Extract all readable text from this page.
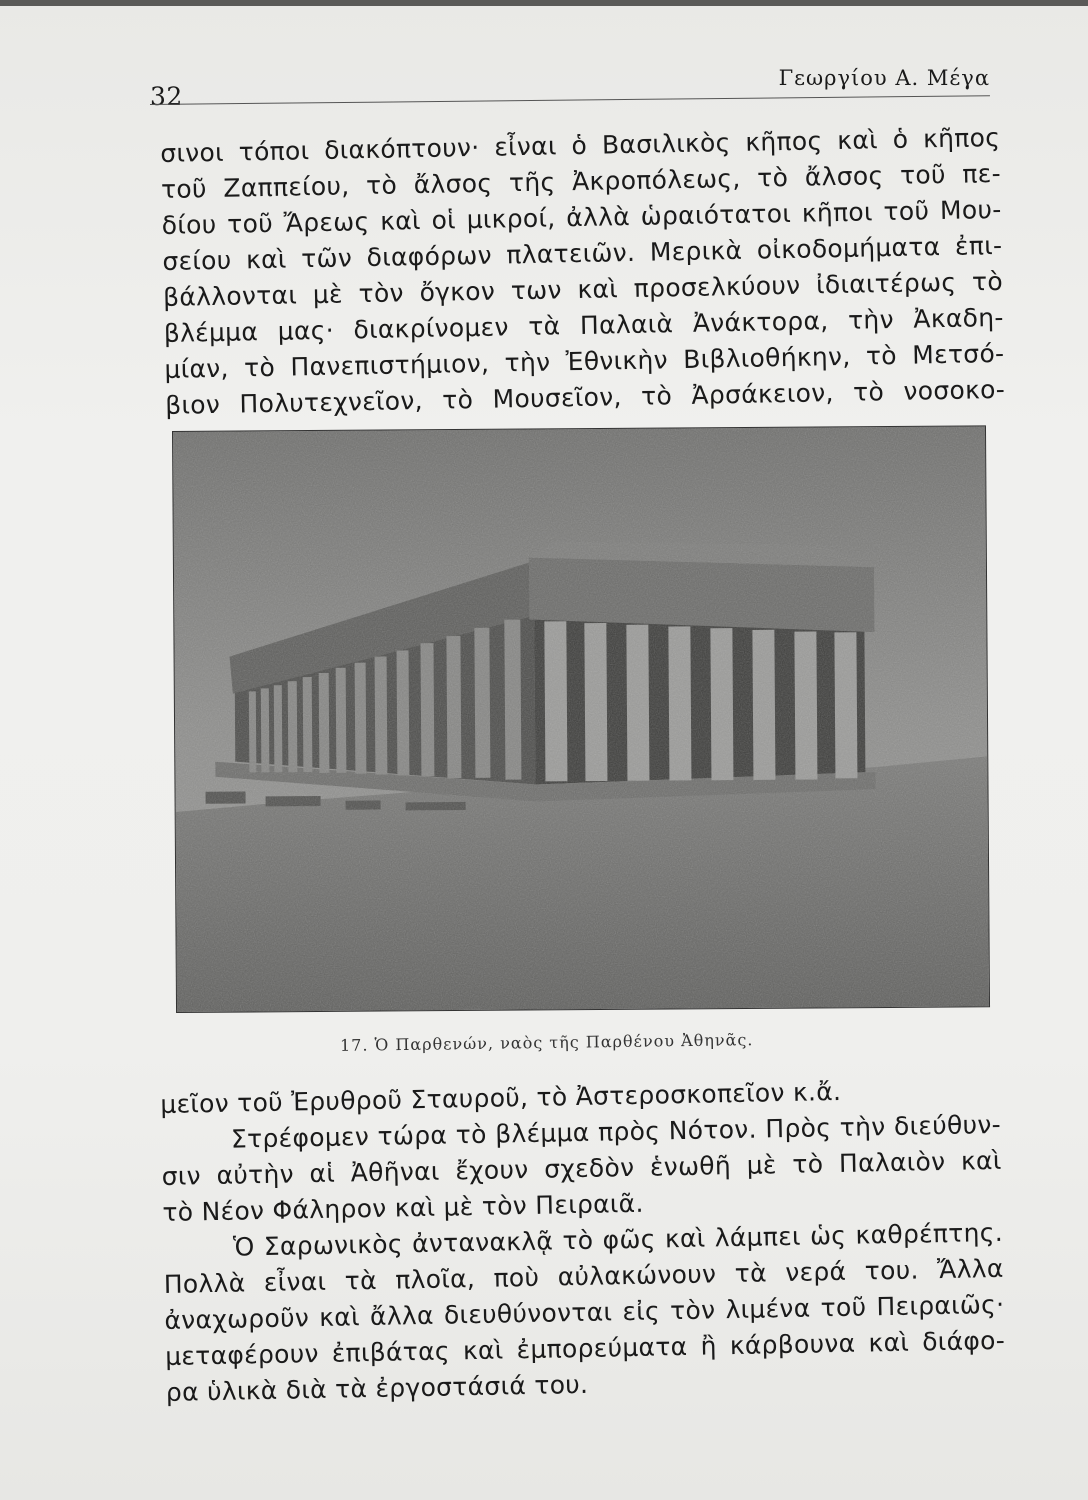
32
Γεωργίου Α. Μέγα
σινοι τόποι διακόπτουν· εἶναι ὁ Βασιλικὸς κῆπος καὶ ὁ κῆπος
τοῦ Ζαππείου, τὸ ἄλσος τῆς Ἀκροπόλεως, τὸ ἄλσος τοῦ πε-
δίου τοῦ Ἄρεως καὶ οἱ μικροί, ἀλλὰ ὡραιότατοι κῆποι τοῦ Μου-
σείου καὶ τῶν διαφόρων πλατειῶν. Μερικὰ οἰκοδομήματα ἐπι-
βάλλονται μὲ τὸν ὄγκον των καὶ προσελκύουν ἰδιαιτέρως τὸ
βλέμμα μας· διακρίνομεν τὰ Παλαιὰ Ἀνάκτορα, τὴν Ἀκαδη-
μίαν, τὸ Πανεπιστήμιον, τὴν Ἐθνικὴν Βιβλιοθήκην, τὸ Μετσό-
βιον Πολυτεχνεῖον, τὸ Μουσεῖον, τὸ Ἀρσάκειον, τὸ νοσοκο-
17. Ὁ Παρθενών, ναὸς τῆς Παρθένου Ἀθηνᾶς.
μεῖον τοῦ Ἐρυθροῦ Σταυροῦ, τὸ Ἀστεροσκοπεῖον κ.ἄ.
Στρέφομεν τώρα τὸ βλέμμα πρὸς Νότον. Πρὸς τὴν διεύθυν-
σιν αὐτὴν αἱ Ἀθῆναι ἔχουν σχεδὸν ἑνωθῆ μὲ τὸ Παλαιὸν καὶ
τὸ Νέον Φάληρον καὶ μὲ τὸν Πειραιᾶ.
Ὁ Σαρωνικὸς ἀντανακλᾷ τὸ φῶς καὶ λάμπει ὡς καθρέπτης.
Πολλὰ εἶναι τὰ πλοῖα, ποὺ αὐλακώνουν τὰ νερά του. Ἄλλα
ἀναχωροῦν καὶ ἄλλα διευθύνονται εἰς τὸν λιμένα τοῦ Πειραιῶς·
μεταφέρουν ἐπιβάτας καὶ ἐμπορεύματα ἢ κάρβουνα καὶ διάφο-
ρα ὑλικὰ διὰ τὰ ἐργοστάσιά του.
